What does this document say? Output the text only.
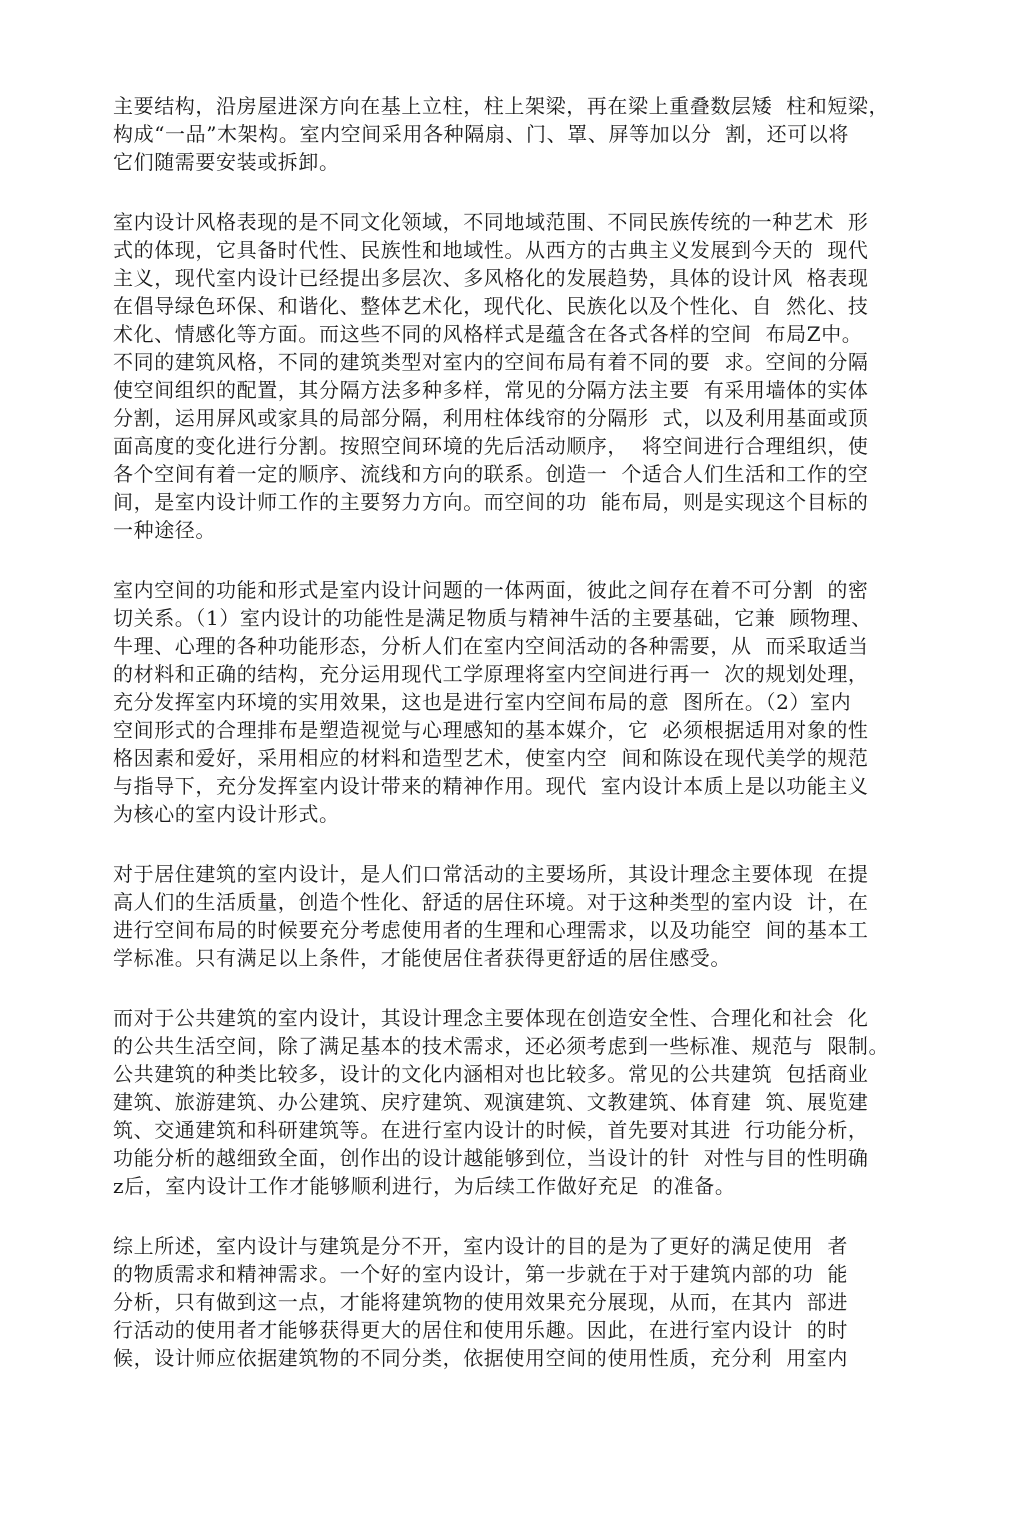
主要结构，沿房屋进深方向在基上立柱，柱上架梁，再在梁上重叠数层矮  柱和短梁，
构成“一品”木架构。室内空间采用各种隔扇、门、罩、屏等加以分  割，还可以将
它们随需要安装或拆卸。
室内设计风格表现的是不同文化领域，不同地域范围、不同民族传统的一种艺术  形
式的体现，它具备时代性、民族性和地域性。从西方的古典主义发展到今天的  现代
主义，现代室内设计已经提出多层次、多风格化的发展趋势，具体的设计风  格表现
在倡导绿色环保、和谐化、整体艺术化，现代化、民族化以及个性化、自  然化、技
术化、情感化等方面。而这些不同的风格样式是蕴含在各式各样的空间  布局Z中。
不同的建筑风格，不同的建筑类型对室内的空间布局有着不同的要  求。空间的分隔
使空间组织的配置，其分隔方法多种多样，常见的分隔方法主要  有采用墙体的实体
分割，运用屏风或家具的局部分隔，利用柱体线帘的分隔形  式，以及利用基面或顶
面高度的变化进行分割。按照空间环境的先后活动顺序，  将空间进行合理组织，使
各个空间有着一定的顺序、流线和方向的联系。创造一  个适合人们生活和工作的空
间，是室内设计师工作的主要努力方向。而空间的功  能布局，则是实现这个目标的
一种途径。
室内空间的功能和形式是室内设计问题的一体两面，彼此之间存在着不可分割  的密
切关系。（1）室内设计的功能性是满足物质与精神牛活的主要基础，它兼  顾物理、
牛理、心理的各种功能形态，分析人们在室内空间活动的各种需要，从  而采取适当
的材料和正确的结构，充分运用现代工学原理将室内空间进行再一  次的规划处理，
充分发挥室内环境的实用效果，这也是进行室内空间布局的意  图所在。（2）室内
空间形式的合理排布是塑造视觉与心理感知的基本媒介，它  必须根据适用对象的性
格因素和爱好，采用相应的材料和造型艺术，使室内空  间和陈设在现代美学的规范
与指导下，充分发挥室内设计带来的精神作用。现代  室内设计本质上是以功能主义
为核心的室内设计形式。
对于居住建筑的室内设计，是人们口常活动的主要场所，其设计理念主要体现  在提
高人们的生活质量，创造个性化、舒适的居住环境。对于这种类型的室内设  计，在
进行空间布局的时候要充分考虑使用者的生理和心理需求，以及功能空  间的基本工
学标准。只有满足以上条件，才能使居住者获得更舒适的居住感受。
而对于公共建筑的室内设计，其设计理念主要体现在创造安全性、合理化和社会  化
的公共生活空间，除了满足基本的技术需求，还必须考虑到一些标准、规范与  限制。
公共建筑的种类比较多，设计的文化内涵相对也比较多。常见的公共建筑  包括商业
建筑、旅游建筑、办公建筑、戻疗建筑、观演建筑、文教建筑、体育建  筑、展览建
筑、交通建筑和科研建筑等。在进行室内设计的时候，首先要对其进  行功能分析，
功能分析的越细致全面，创作出的设计越能够到位，当设计的针  对性与目的性明确
z后，室内设计工作才能够顺利进行，为后续工作做好充足  的准备。
综上所述，室内设计与建筑是分不开，室内设计的目的是为了更好的满足使用  者
的物质需求和精神需求。一个好的室内设计，第一步就在于对于建筑内部的功  能
分析，只有做到这一点，才能将建筑物的使用效果充分展现，从而，在其内  部进
行活动的使用者才能够获得更大的居住和使用乐趣。因此，在进行室内设计  的时
候，设计师应依据建筑物的不同分类，依据使用空间的使用性质，充分利  用室内
